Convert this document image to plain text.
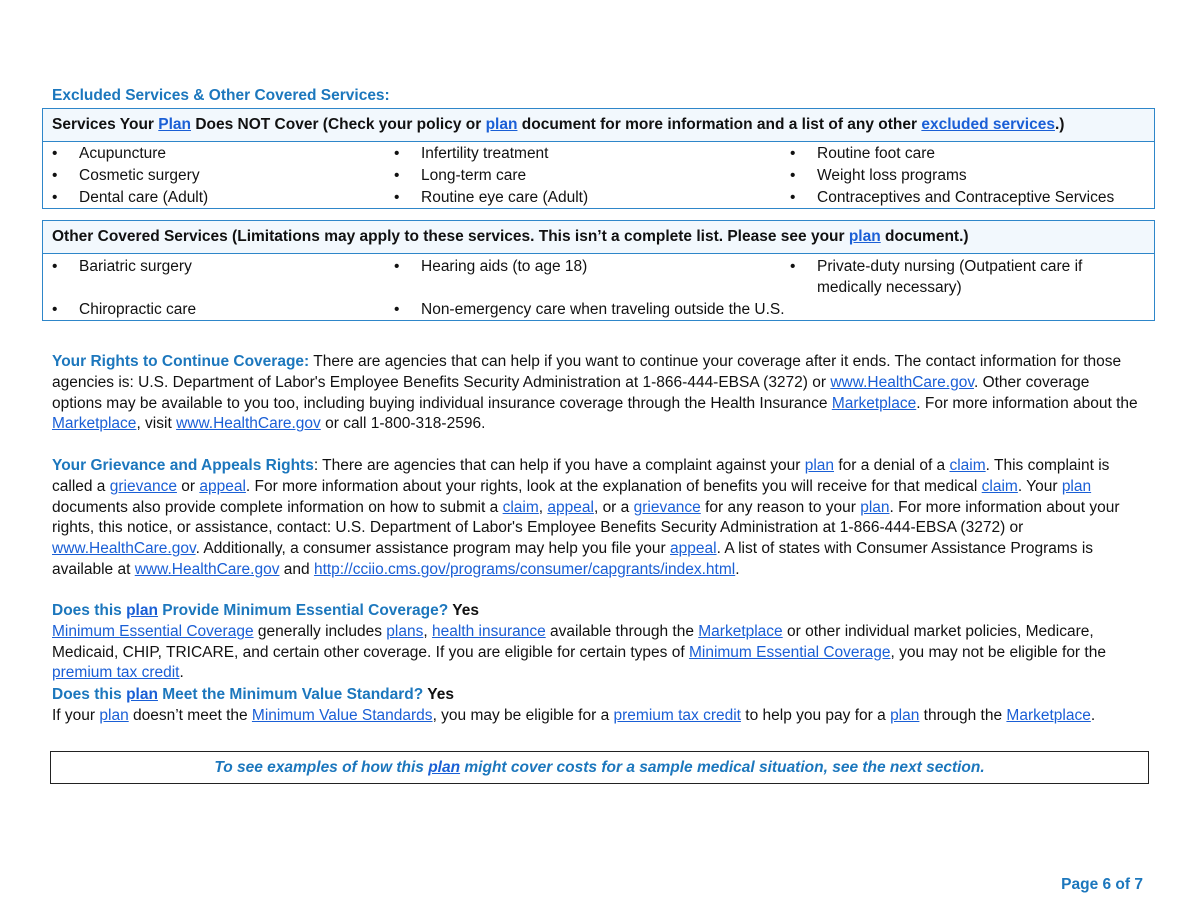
Excluded Services & Other Covered Services:
Services Your Plan Does NOT Cover (Check your policy or plan document for more information and a list of any other excluded services.)
• Acupuncture
• Cosmetic surgery
• Dental care (Adult)
• Infertility treatment
• Long-term care
• Routine eye care (Adult)
• Routine foot care
• Weight loss programs
• Contraceptives and Contraceptive Services
Other Covered Services (Limitations may apply to these services. This isn’t a complete list. Please see your plan document.)
• Bariatric surgery
• Chiropractic care
• Hearing aids (to age 18)
• Non-emergency care when traveling outside the U.S.
• Private-duty nursing (Outpatient care if medically necessary)
Your Rights to Continue Coverage: There are agencies that can help if you want to continue your coverage after it ends. The contact information for those agencies is: U.S. Department of Labor's Employee Benefits Security Administration at 1-866-444-EBSA (3272) or www.HealthCare.gov. Other coverage options may be available to you too, including buying individual insurance coverage through the Health Insurance Marketplace. For more information about the Marketplace, visit www.HealthCare.gov or call 1-800-318-2596.
Your Grievance and Appeals Rights: There are agencies that can help if you have a complaint against your plan for a denial of a claim. This complaint is called a grievance or appeal. For more information about your rights, look at the explanation of benefits you will receive for that medical claim. Your plan documents also provide complete information on how to submit a claim, appeal, or a grievance for any reason to your plan. For more information about your rights, this notice, or assistance, contact: U.S. Department of Labor's Employee Benefits Security Administration at 1-866-444-EBSA (3272) or www.HealthCare.gov. Additionally, a consumer assistance program may help you file your appeal. A list of states with Consumer Assistance Programs is available at www.HealthCare.gov and http://cciio.cms.gov/programs/consumer/capgrants/index.html.
Does this plan Provide Minimum Essential Coverage? Yes
Minimum Essential Coverage generally includes plans, health insurance available through the Marketplace or other individual market policies, Medicare, Medicaid, CHIP, TRICARE, and certain other coverage. If you are eligible for certain types of Minimum Essential Coverage, you may not be eligible for the premium tax credit.
Does this plan Meet the Minimum Value Standard? Yes
If your plan doesn’t meet the Minimum Value Standards, you may be eligible for a premium tax credit to help you pay for a plan through the Marketplace.
To see examples of how this plan might cover costs for a sample medical situation, see the next section.
Page 6 of 7
